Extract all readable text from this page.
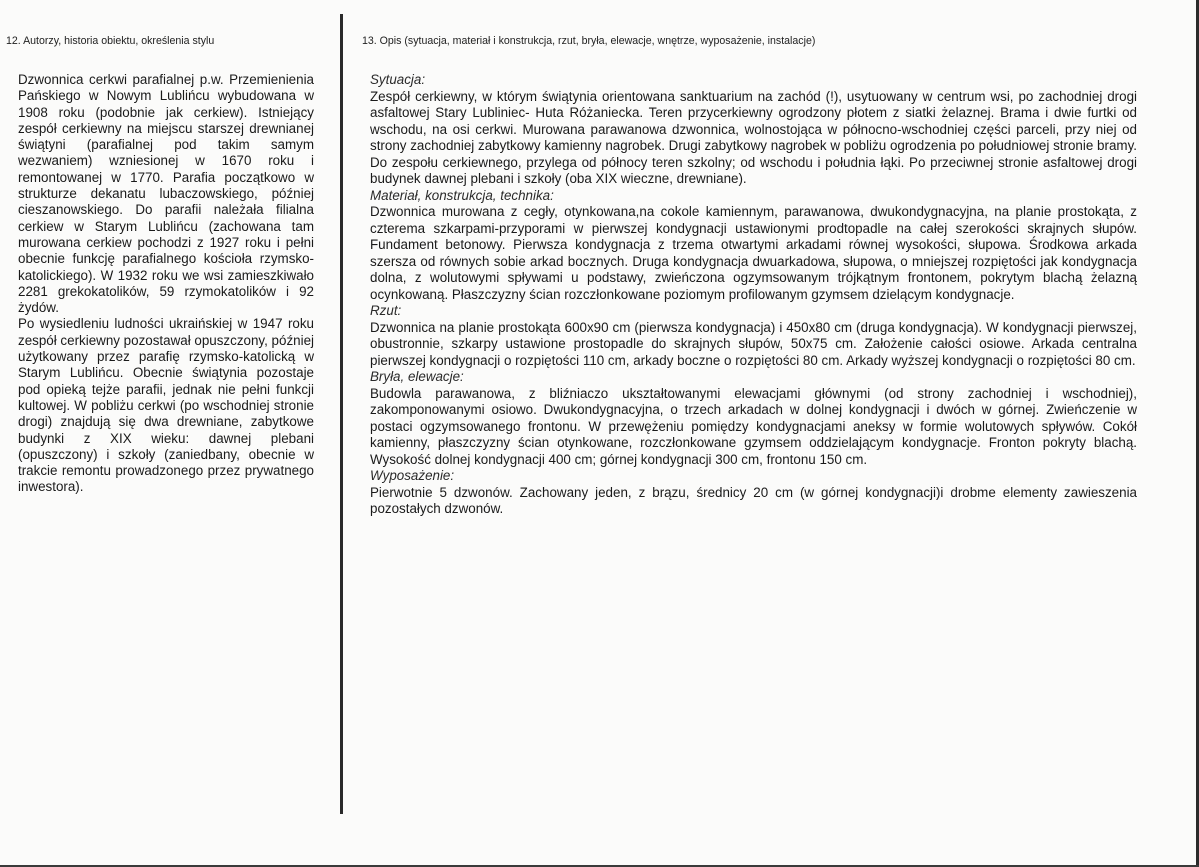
12. Autorzy, historia obiektu, określenia stylu

Dzwonnica cerkwi parafialnej p.w. Przemienienia Pańskiego w Nowym Lublińcu wybudowana w 1908 roku (podobnie jak cerkiew). Istniejący zespół cerkiewny na miejscu starszej drewnianej świątyni (parafialnej pod takim samym wezwaniem) wzniesionej w 1670 roku i remontowanej w 1770. Parafia początkowo w strukturze dekanatu lubaczowskiego, później cieszanowskiego. Do parafii należała filialna cerkiew w Starym Lublińcu (zachowana tam murowana cerkiew pochodzi z 1927 roku i pełni obecnie funkcję parafialnego kościoła rzymsko-katolickiego). W 1932 roku we wsi zamieszkiwało 2281 grekokatolików, 59 rzymokatolików i 92 żydów.

Po wysiedleniu ludności ukraińskiej w 1947 roku zespół cerkiewny pozostawał opuszczony, później użytkowany przez parafię rzymsko-katolicką w Starym Lublińcu. Obecnie świątynia pozostaje pod opieką tejże parafii, jednak nie pełni funkcji kultowej. W pobliżu cerkwi (po wschodniej stronie drogi) znajdują się dwa drewniane, zabytkowe budynki z XIX wieku: dawnej plebani (opuszczony) i szkoły (zaniedbany, obecnie w trakcie remontu prowadzonego przez prywatnego inwestora).

13. Opis (sytuacja, materiał i konstrukcja, rzut, bryła, elewacje, wnętrze, wyposażenie, instalacje)

Sytuacja:

Zespół cerkiewny, w którym świątynia orientowana sanktuarium na zachód (!), usytuowany w centrum wsi, po zachodniej drogi asfaltowej Stary Lubliniec- Huta Różaniecka. Teren przycerkiewny ogrodzony płotem z siatki żelaznej. Brama i dwie furtki od wschodu, na osi cerkwi. Murowana parawanowa dzwonnica, wolnostojąca w północno-wschodniej części parceli, przy niej od strony zachodniej zabytkowy kamienny nagrobek. Drugi zabytkowy nagrobek w pobliżu ogrodzenia po południowej stronie bramy. Do zespołu cerkiewnego, przylega od północy teren szkolny; od wschodu i południa łąki. Po przeciwnej stronie asfaltowej drogi budynek dawnej plebani i szkoły (oba XIX wieczne, drewniane).

Materiał, konstrukcja, technika:

Dzwonnica murowana z cegły, otynkowana,na cokole kamiennym, parawanowa, dwukondygnacyjna, na planie prostokąta, z czterema szkarpami-przyporami w pierwszej kondygnacji ustawionymi prodtopadle na całej szerokości skrajnych słupów. Fundament betonowy. Pierwsza kondygnacja z trzema otwartymi arkadami równej wysokości, słupowa. Środkowa arkada szersza od równych sobie arkad bocznych. Druga kondygnacja dwuarkadowa, słupowa, o mniejszej rozpiętości jak kondygnacja dolna, z wolutowymi spływami u podstawy, zwieńczona ogzymsowanym trójkątnym frontonem, pokrytym blachą żelazną ocynkowaną. Płaszczyzny ścian rozczłonkowane poziomym profilowanym gzymsem dzielącym kondygnacje.

Rzut:

Dzwonnica na planie prostokąta 600x90 cm (pierwsza kondygnacja) i 450x80 cm (druga kondygnacja). W kondygnacji pierwszej, obustronnie, szkarpy ustawione prostopadle do skrajnych słupów, 50x75 cm. Założenie całości osiowe. Arkada centralna pierwszej kondygnacji o rozpiętości 110 cm, arkady boczne o rozpiętości 80 cm. Arkady wyższej kondygnacji o rozpiętości 80 cm.

Bryła, elewacje:

Budowla parawanowa, z bliźniaczo ukształtowanymi elewacjami głównymi (od strony zachodniej i wschodniej), zakomponowanymi osiowo. Dwukondygnacyjna, o trzech arkadach w dolnej kondygnacji i dwóch w górnej. Zwieńczenie w postaci ogzymsowanego frontonu. W przewężeniu pomiędzy kondygnacjami aneksy w formie wolutowych spływów. Cokół kamienny, płaszczyzny ścian otynkowane, rozczłonkowane gzymsem oddzielającym kondygnacje. Fronton pokryty blachą. Wysokość dolnej kondygnacji 400 cm; górnej kondygnacji 300 cm, frontonu 150 cm.

Wyposażenie:

Pierwotnie 5 dzwonów. Zachowany jeden, z brązu, średnicy 20 cm (w górnej kondygnacji)i drobme elementy zawieszenia pozostałych dzwonów.
